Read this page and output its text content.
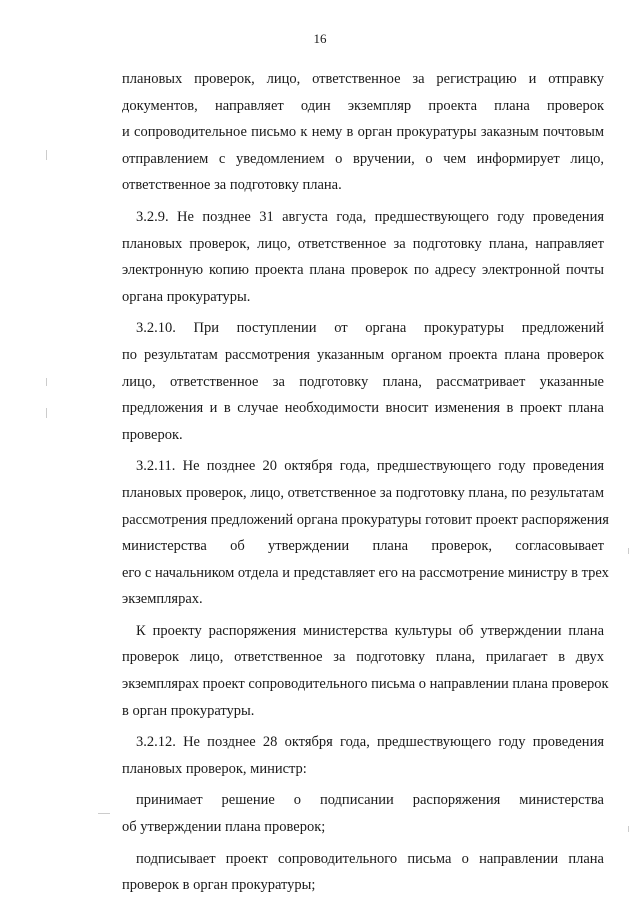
16

плановых проверок, лицо, ответственное за регистрацию и отправку
документов, направляет один экземпляр проекта плана проверок
и сопроводительное письмо к нему в орган прокуратуры заказным почтовым
отправлением с уведомлением о вручении, о чем информирует лицо,
ответственное за подготовку плана.

3.2.9. Не позднее 31 августа года, предшествующего году проведения
плановых проверок, лицо, ответственное за подготовку плана, направляет
электронную копию проекта плана проверок по адресу электронной почты
органа прокуратуры.

3.2.10. При поступлении от органа прокуратуры предложений
по результатам рассмотрения указанным органом проекта плана проверок
лицо, ответственное за подготовку плана, рассматривает указанные
предложения и в случае необходимости вносит изменения в проект плана
проверок.

3.2.11. Не позднее 20 октября года, предшествующего году проведения
плановых проверок, лицо, ответственное за подготовку плана, по результатам
рассмотрения предложений органа прокуратуры готовит проект распоряжения
министерства об утверждении плана проверок, согласовывает
его с начальником отдела и представляет его на рассмотрение министру в трех
экземплярах.

К проекту распоряжения министерства культуры об утверждении плана
проверок лицо, ответственное за подготовку плана, прилагает в двух
экземплярах проект сопроводительного письма о направлении плана проверок
в орган прокуратуры.

3.2.12. Не позднее 28 октября года, предшествующего году проведения
плановых проверок, министр:

принимает решение о подписании распоряжения министерства
об утверждении плана проверок;

подписывает проект сопроводительного письма о направлении плана
проверок в орган прокуратуры;
